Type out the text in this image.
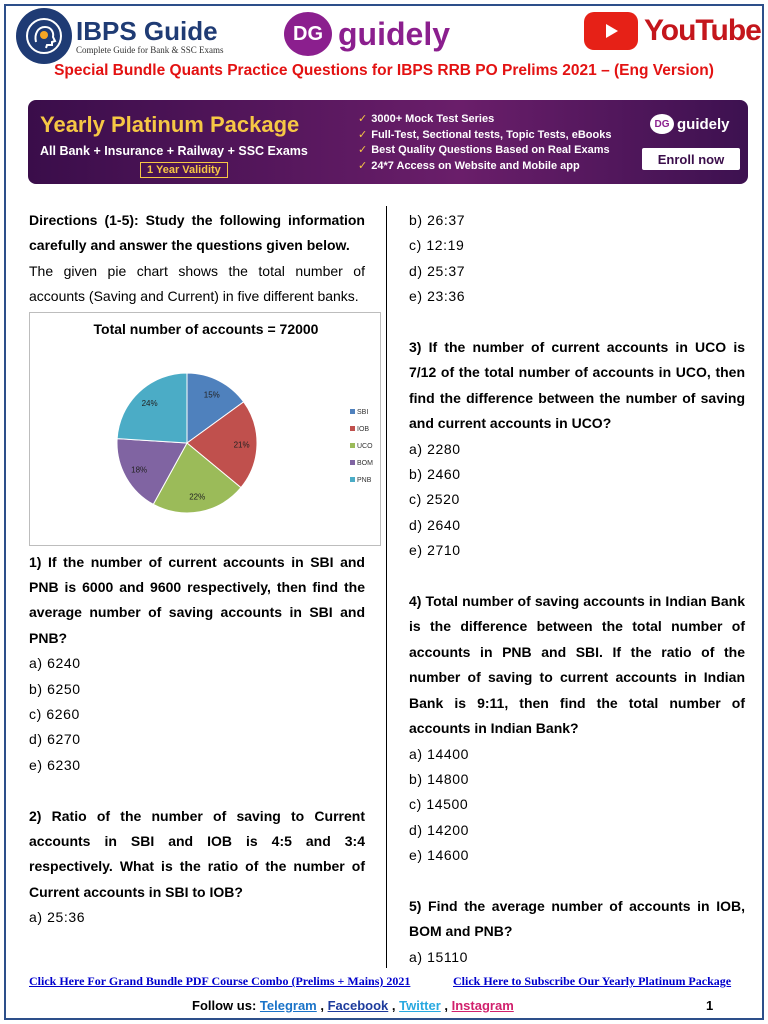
IBPS Guide
Complete Guide for Bank & SSC Exams
DG guidely	YouTube
Special Bundle Quants Practice Questions for IBPS RRB PO Prelims 2021 – (Eng Version)
Yearly Platinum Package
All Bank + Insurance + Railway + SSC Exams
1 Year Validity
✓ 3000+ Mock Test Series
✓ Full-Test, Sectional tests, Topic Tests, eBooks
✓ Best Quality Questions Based on Real Exams
✓ 24*7 Access on Website and Mobile app
DG guidely
Enroll now

Directions (1-5): Study the following information carefully and answer the questions given below.

The given pie chart shows the total number of accounts (Saving and Current) in five different banks.

Total number of accounts = 72000
15%
21%
22%
18%
24%
SBI
IOB
UCO
BOM
PNB

1) If the number of current accounts in SBI and PNB is 6000 and 9600 respectively, then find the average number of saving accounts in SBI and PNB?

a) 6240
b) 6250
c) 6260
d) 6270
e) 6230

2) Ratio of the number of saving to Current accounts in SBI and IOB is 4:5 and 3:4 respectively. What is the ratio of the number of Current accounts in SBI to IOB?

a) 25:36
b) 26:37
c) 12:19
d) 25:37
e) 23:36

3) If the number of current accounts in UCO is 7/12 of the total number of accounts in UCO, then find the difference between the number of saving and current accounts in UCO?

a) 2280
b) 2460
c) 2520
d) 2640
e) 2710

4) Total number of saving accounts in Indian Bank is the difference between the total number of accounts in PNB and SBI. If the ratio of the number of saving to current accounts in Indian Bank is 9:11, then find the total number of accounts in Indian Bank?

a) 14400
b) 14800
c) 14500
d) 14200
e) 14600

5) Find the average number of accounts in IOB, BOM and PNB?

a) 15110
Click Here For Grand Bundle PDF Course Combo (Prelims + Mains) 2021	Click Here to Subscribe Our Yearly Platinum Package
Follow us: Telegram , Facebook , Twitter , Instagram	1
